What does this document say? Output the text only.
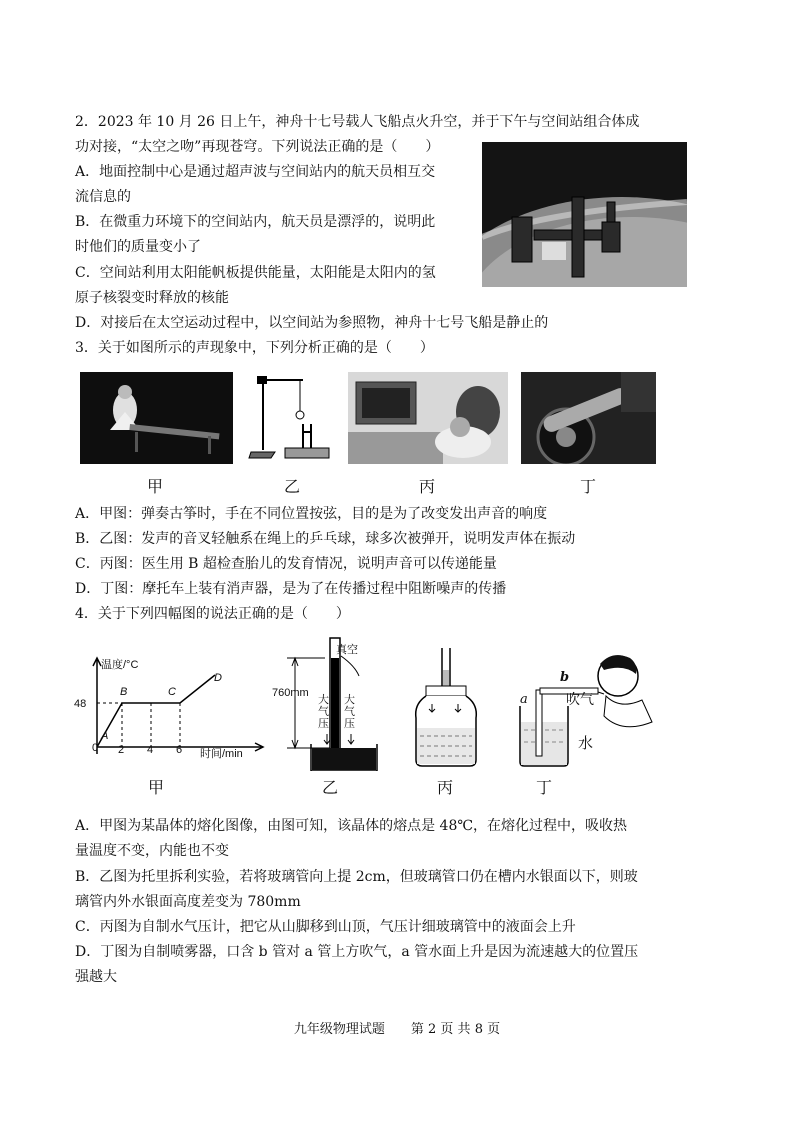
2．2023 年 10 月 26 日上午，神舟十七号载人飞船点火升空，并于下午与空间站组合体成
功对接，“太空之吻”再现苍穹。下列说法正确的是（　　）
A．地面控制中心是通过超声波与空间站内的航天员相互交
流信息的
B．在微重力环境下的空间站内，航天员是漂浮的，说明此
时他们的质量变小了
C．空间站利用太阳能帆板提供能量，太阳能是太阳内的氢
原子核裂变时释放的核能
D．对接后在太空运动过程中，以空间站为参照物，神舟十七号飞船是静止的
3．关于如图所示的声现象中，下列分析正确的是（　　）
甲	乙	丙	丁
A．甲图：弹奏古筝时，手在不同位置按弦，目的是为了改变发出声音的响度
B．乙图：发声的音叉轻触系在绳上的乒乓球，球多次被弹开，说明发声体在振动
C．丙图：医生用 B 超检查胎儿的发育情况，说明声音可以传递能量
D．丁图：摩托车上装有消声器，是为了在传播过程中阻断噪声的传播
4．关于下列四幅图的说法正确的是（　　）
温度/°C
48
0 2 4 6 时间/min
A
B	C
D
真空
760mm
大气压
大气压
a
b
吹气
水
甲	乙	丙	丁
A．甲图为某晶体的熔化图像，由图可知，该晶体的熔点是 48℃，在熔化过程中，吸收热
量温度不变，内能也不变
B．乙图为托里拆利实验，若将玻璃管向上提 2cm，但玻璃管口仍在槽内水银面以下，则玻
璃管内外水银面高度差变为 780mm
C．丙图为自制水气压计，把它从山脚移到山顶，气压计细玻璃管中的液面会上升
D．丁图为自制喷雾器，口含 b 管对 a 管上方吹气，a 管水面上升是因为流速越大的位置压
强越大
九年级物理试题　　第 2 页 共 8 页
